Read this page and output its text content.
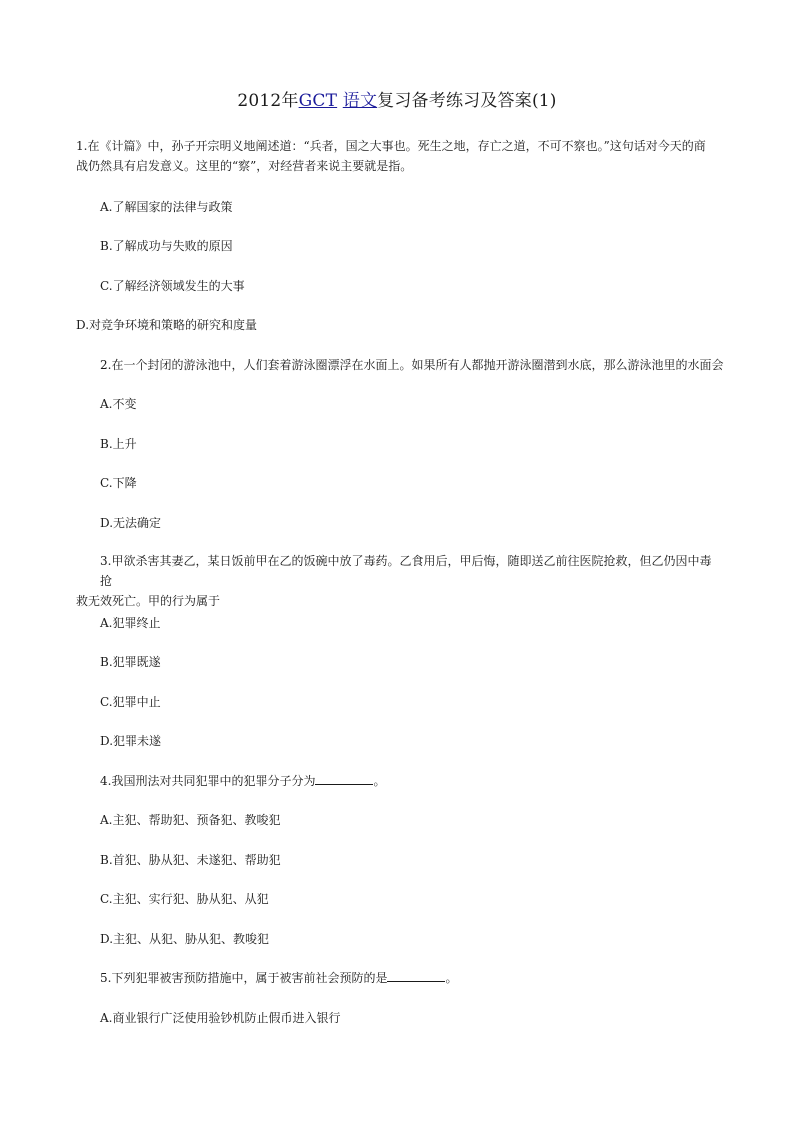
2012年GCT 语文复习备考练习及答案(1)
1.在《计篇》中，孙子开宗明义地阐述道：“兵者，国之大事也。死生之地，存亡之道，不可不察也。”这句话对今天的商
战仍然具有启发意义。这里的“察”，对经营者来说主要就是指。
A.了解国家的法律与政策
B.了解成功与失败的原因
C.了解经济领域发生的大事
D.对竞争环境和策略的研究和度量
2.在一个封闭的游泳池中，人们套着游泳圈漂浮在水面上。如果所有人都抛开游泳圈潜到水底，那么游泳池里的水面会
A.不变
B.上升
C.下降
D.无法确定
3.甲欲杀害其妻乙，某日饭前甲在乙的饭碗中放了毒药。乙食用后，甲后悔，随即送乙前往医院抢救，但乙仍因中毒抢
救无效死亡。甲的行为属于
A.犯罪终止
B.犯罪既遂
C.犯罪中止
D.犯罪未遂
4.我国刑法对共同犯罪中的犯罪分子分为	。
A.主犯、帮助犯、预备犯、教唆犯
B.首犯、胁从犯、未遂犯、帮助犯
C.主犯、实行犯、胁从犯、从犯
D.主犯、从犯、胁从犯、教唆犯
5.下列犯罪被害预防措施中，属于被害前社会预防的是	。
A.商业银行广泛使用验钞机防止假币进入银行
